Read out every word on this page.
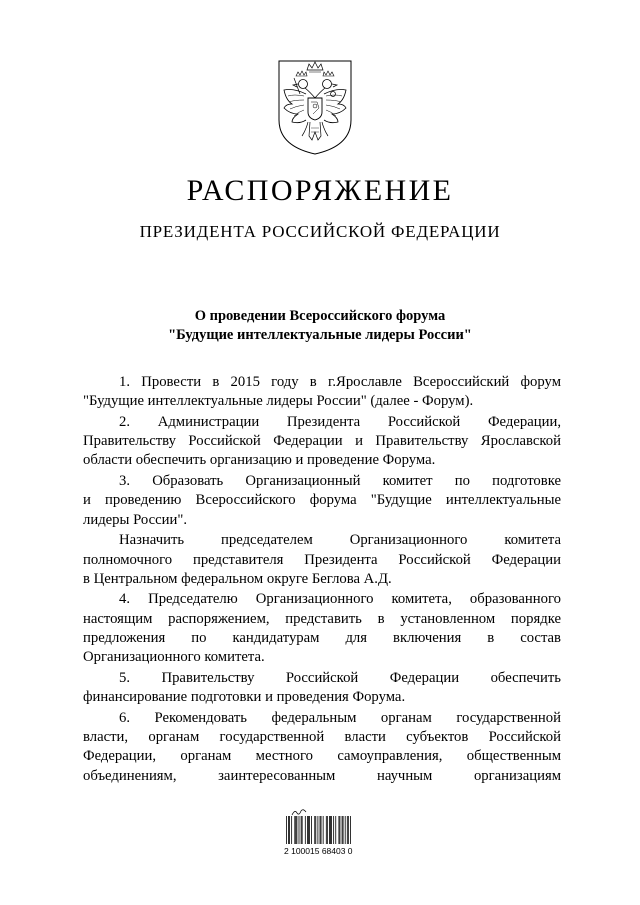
РАСПОРЯЖЕНИЕ
ПРЕЗИДЕНТА РОССИЙСКОЙ ФЕДЕРАЦИИ
О проведении Всероссийского форума
"Будущие интеллектуальные лидеры России"
1. Провести в 2015 году в г.Ярославле Всероссийский форум
"Будущие интеллектуальные лидеры России" (далее - Форум).
2. Администрации Президента Российской Федерации,
Правительству Российской Федерации и Правительству Ярославской
области обеспечить организацию и проведение Форума.
3. Образовать Организационный комитет по подготовке
и проведению Всероссийского форума "Будущие интеллектуальные
лидеры России".
Назначить председателем Организационного комитета
полномочного представителя Президента Российской Федерации
в Центральном федеральном округе Беглова А.Д.
4. Председателю Организационного комитета, образованного
настоящим распоряжением, представить в установленном порядке
предложения по кандидатурам для включения в состав
Организационного комитета.
5. Правительству Российской Федерации обеспечить
финансирование подготовки и проведения Форума.
6. Рекомендовать федеральным органам государственной
власти, органам государственной власти субъектов Российской
Федерации, органам местного самоуправления, общественным
объединениям, заинтересованным научным организациям
2 100015 68403 0
